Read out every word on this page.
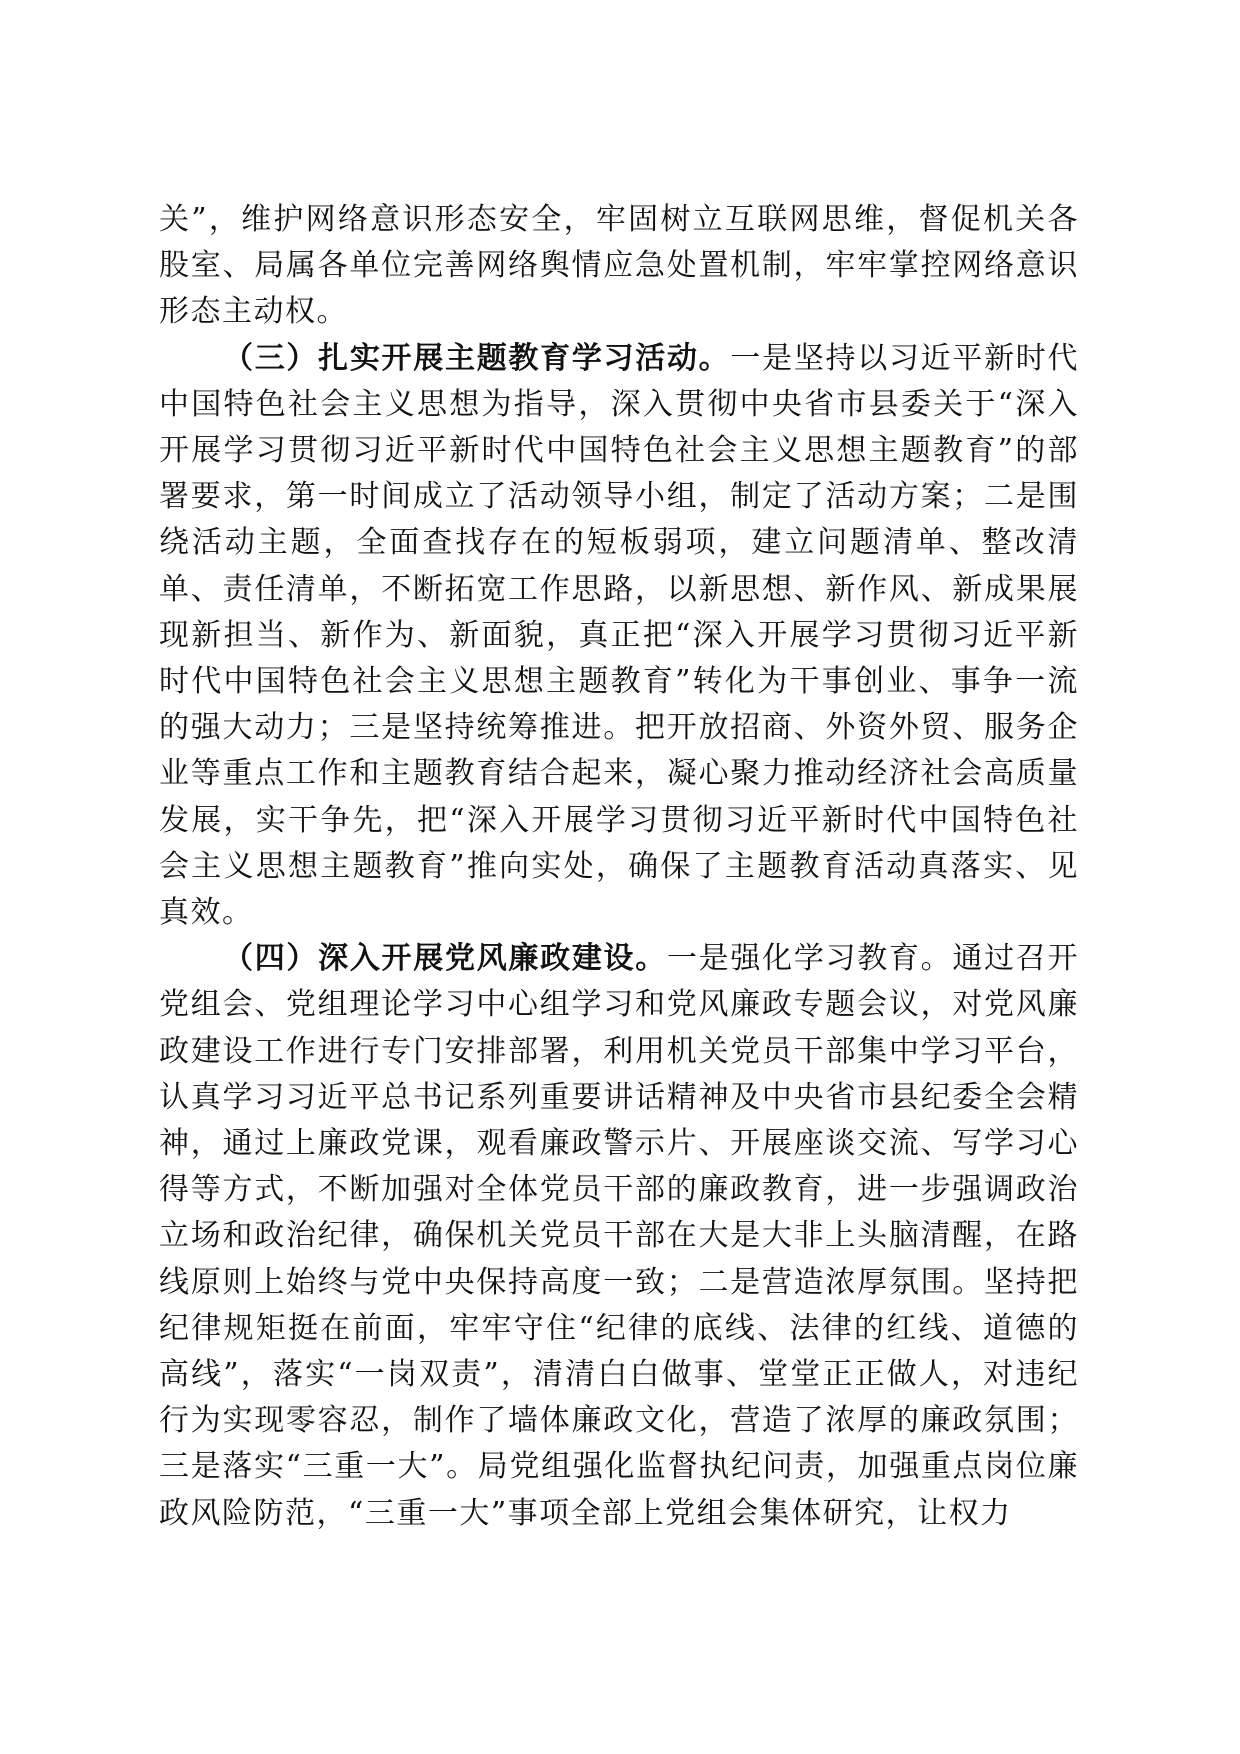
关”，维护网络意识形态安全，牢固树立互联网思维，督促机关各股室、局属各单位完善网络舆情应急处置机制，牢牢掌控网络意识形态主动权。

（三）扎实开展主题教育学习活动。一是坚持以习近平新时代中国特色社会主义思想为指导，深入贯彻中央省市县委关于“深入开展学习贯彻习近平新时代中国特色社会主义思想主题教育”的部署要求，第一时间成立了活动领导小组，制定了活动方案；二是围绕活动主题，全面查找存在的短板弱项，建立问题清单、整改清单、责任清单，不断拓宽工作思路，以新思想、新作风、新成果展现新担当、新作为、新面貌，真正把“深入开展学习贯彻习近平新时代中国特色社会主义思想主题教育”转化为干事创业、事争一流的强大动力；三是坚持统筹推进。把开放招商、外资外贸、服务企业等重点工作和主题教育结合起来，凝心聚力推动经济社会高质量发展，实干争先，把“深入开展学习贯彻习近平新时代中国特色社会主义思想主题教育”推向实处，确保了主题教育活动真落实、见真效。

（四）深入开展党风廉政建设。一是强化学习教育。通过召开党组会、党组理论学习中心组学习和党风廉政专题会议，对党风廉政建设工作进行专门安排部署，利用机关党员干部集中学习平台，认真学习习近平总书记系列重要讲话精神及中央省市县纪委全会精神，通过上廉政党课，观看廉政警示片、开展座谈交流、写学习心得等方式，不断加强对全体党员干部的廉政教育，进一步强调政治立场和政治纪律，确保机关党员干部在大是大非上头脑清醒，在路线原则上始终与党中央保持高度一致；二是营造浓厚氛围。坚持把纪律规矩挺在前面，牢牢守住“纪律的底线、法律的红线、道德的高线”，落实“一岗双责”，清清白白做事、堂堂正正做人，对违纪行为实现零容忍，制作了墙体廉政文化，营造了浓厚的廉政氛围；三是落实“三重一大”。局党组强化监督执纪问责，加强重点岗位廉政风险防范，“三重一大”事项全部上党组会集体研究，让权力
